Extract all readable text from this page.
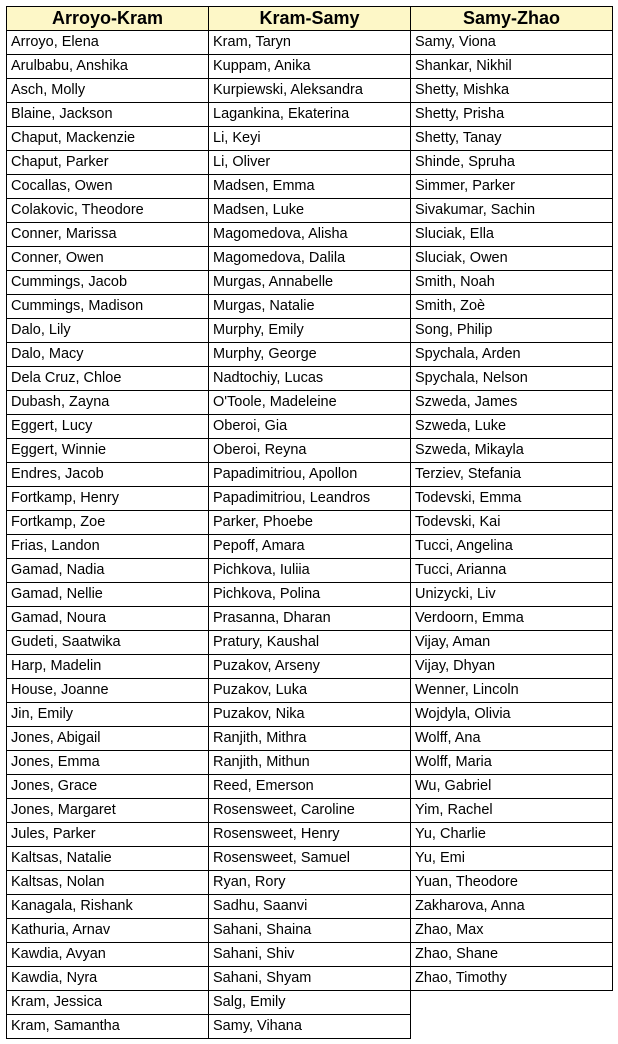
Arroyo-Kram	Kram-Samy	Samy-Zhao
Arroyo, Elena	Kram, Taryn	Samy, Viona
Arulbabu, Anshika	Kuppam, Anika	Shankar, Nikhil
Asch, Molly	Kurpiewski, Aleksandra	Shetty, Mishka
Blaine, Jackson	Lagankina, Ekaterina	Shetty, Prisha
Chaput, Mackenzie	Li, Keyi	Shetty, Tanay
Chaput, Parker	Li, Oliver	Shinde, Spruha
Cocallas, Owen	Madsen, Emma	Simmer, Parker
Colakovic, Theodore	Madsen, Luke	Sivakumar, Sachin
Conner, Marissa	Magomedova, Alisha	Sluciak, Ella
Conner, Owen	Magomedova, Dalila	Sluciak, Owen
Cummings, Jacob	Murgas, Annabelle	Smith, Noah
Cummings, Madison	Murgas, Natalie	Smith, Zoè
Dalo, Lily	Murphy, Emily	Song, Philip
Dalo, Macy	Murphy, George	Spychala, Arden
Dela Cruz, Chloe	Nadtochiy, Lucas	Spychala, Nelson
Dubash, Zayna	O'Toole, Madeleine	Szweda, James
Eggert, Lucy	Oberoi, Gia	Szweda, Luke
Eggert, Winnie	Oberoi, Reyna	Szweda, Mikayla
Endres, Jacob	Papadimitriou, Apollon	Terziev, Stefania
Fortkamp, Henry	Papadimitriou, Leandros	Todevski, Emma
Fortkamp, Zoe	Parker, Phoebe	Todevski, Kai
Frias, Landon	Pepoff, Amara	Tucci, Angelina
Gamad, Nadia	Pichkova, Iuliia	Tucci, Arianna
Gamad, Nellie	Pichkova, Polina	Unizycki, Liv
Gamad, Noura	Prasanna, Dharan	Verdoorn, Emma
Gudeti, Saatwika	Pratury, Kaushal	Vijay, Aman
Harp, Madelin	Puzakov, Arseny	Vijay, Dhyan
House, Joanne	Puzakov, Luka	Wenner, Lincoln
Jin, Emily	Puzakov, Nika	Wojdyla, Olivia
Jones, Abigail	Ranjith, Mithra	Wolff, Ana
Jones, Emma	Ranjith, Mithun	Wolff, Maria
Jones, Grace	Reed, Emerson	Wu, Gabriel
Jones, Margaret	Rosensweet, Caroline	Yim, Rachel
Jules, Parker	Rosensweet, Henry	Yu, Charlie
Kaltsas, Natalie	Rosensweet, Samuel	Yu, Emi
Kaltsas, Nolan	Ryan, Rory	Yuan, Theodore
Kanagala, Rishank	Sadhu, Saanvi	Zakharova, Anna
Kathuria, Arnav	Sahani, Shaina	Zhao, Max
Kawdia, Avyan	Sahani, Shiv	Zhao, Shane
Kawdia, Nyra	Sahani, Shyam	Zhao, Timothy
Kram, Jessica	Salg, Emily	
Kram, Samantha	Samy, Vihana	
